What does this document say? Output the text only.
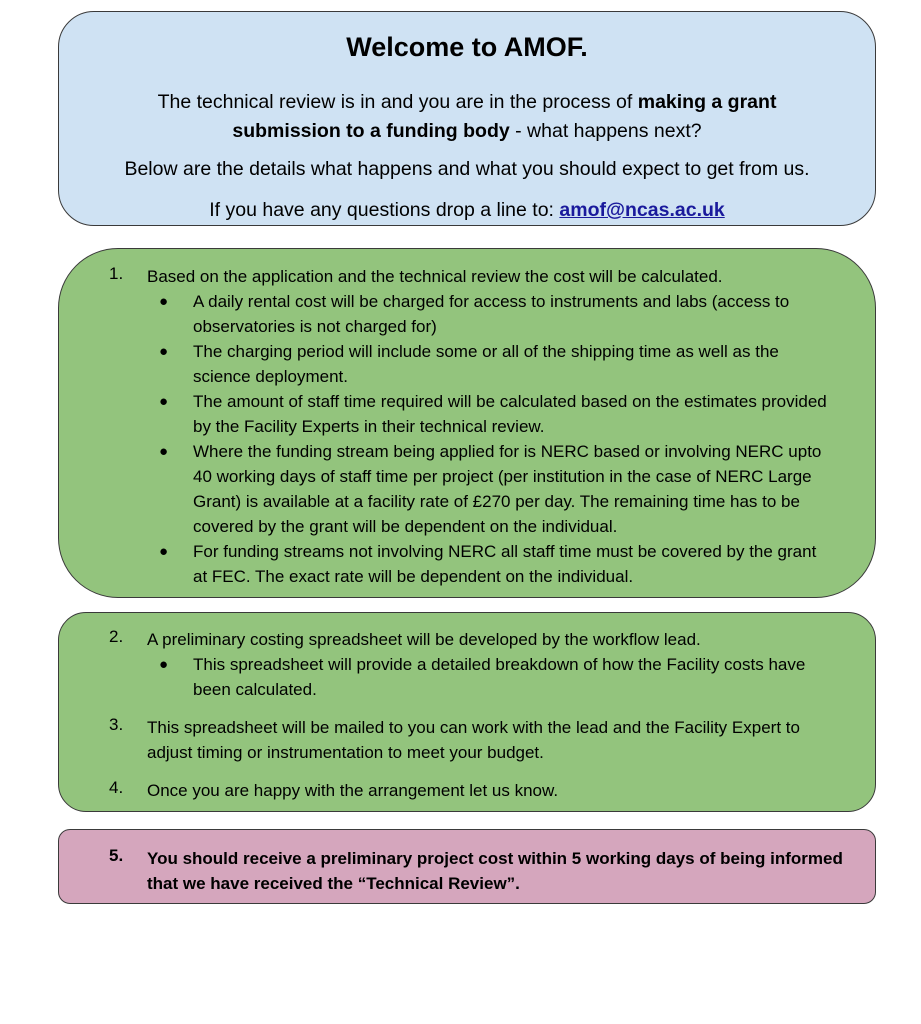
Welcome to AMOF.
The technical review is in and you are in the process of making a grant submission to a funding body - what happens next?
Below are the details what happens and what you should expect to get from us.
If you have any questions drop a line to: amof@ncas.ac.uk
1. Based on the application and the technical review the cost will be calculated.
● A daily rental cost will be charged for access to instruments and labs (access to observatories is not charged for)
● The charging period will include some or all of the shipping time as well as the science deployment.
● The amount of staff time required will be calculated based on the estimates provided by the Facility Experts in their technical review.
● Where the funding stream being applied for is NERC based or involving NERC upto 40 working days of staff time per project (per institution in the case of NERC Large Grant) is available at a facility rate of £270 per day. The remaining time has to be covered by the grant will be dependent on the individual.
● For funding streams not involving NERC all staff time must be covered by the grant at FEC. The exact rate will be dependent on the individual.
2. A preliminary costing spreadsheet will be developed by the workflow lead.
● This spreadsheet will provide a detailed breakdown of how the Facility costs have been calculated.
3. This spreadsheet will be mailed to you can work with the lead and the Facility Expert to adjust timing or instrumentation to meet your budget.
4. Once you are happy with the arrangement let us know.
5. You should receive a preliminary project cost within 5 working days of being informed that we have received the “Technical Review”.
